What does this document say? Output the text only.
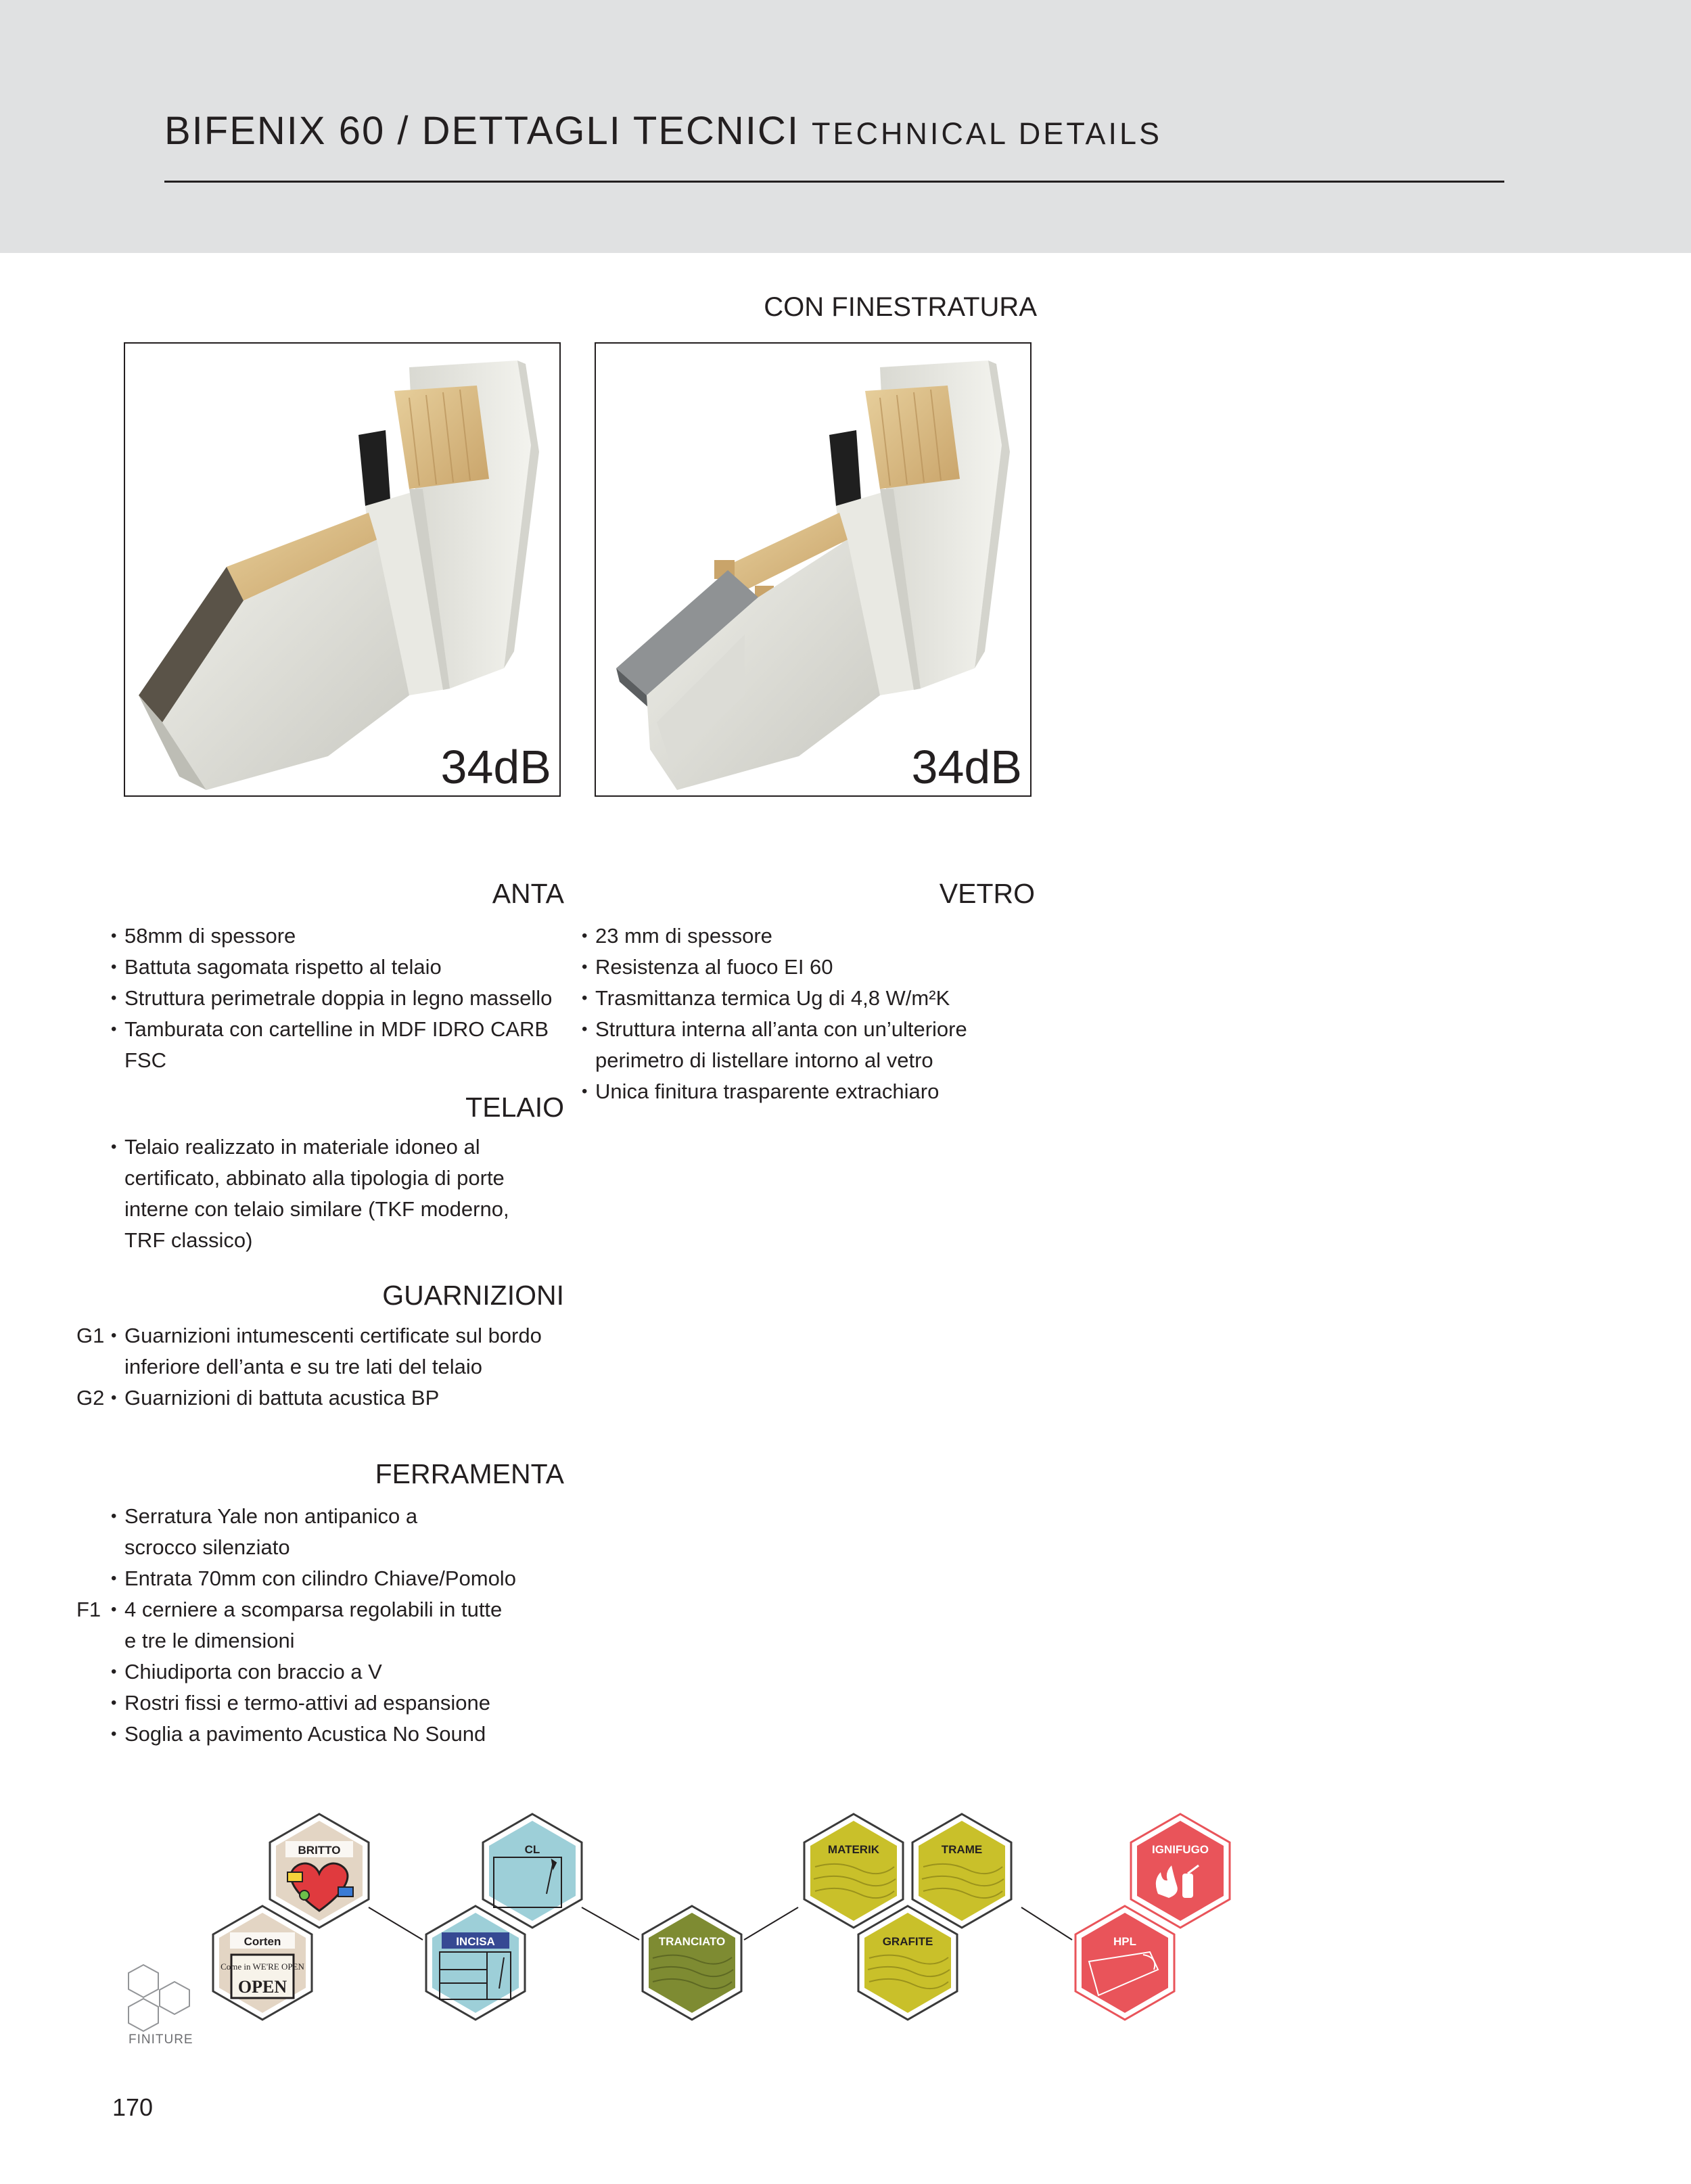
BIFENIX 60 / DETTAGLI TECNICI TECHNICAL DETAILS
CON FINESTRATURA
34dB	34dB
ANTA
• 58mm di spessore
• Battuta sagomata rispetto al telaio
• Struttura perimetrale doppia in legno massello
• Tamburata con cartelline in MDF IDRO CARB FSC
VETRO
• 23 mm di spessore
• Resistenza al fuoco EI 60
• Trasmittanza termica Ug di 4,8 W/m²K
• Struttura interna all’anta con un’ulteriore perimetro di listellare intorno al vetro
• Unica finitura trasparente extrachiaro
TELAIO
• Telaio realizzato in materiale idoneo al certificato, abbinato alla tipologia di porte interne con telaio similare (TKF moderno, TRF classico)
GUARNIZIONI
G1
G2
• Guarnizioni intumescenti certificate sul bordo inferiore dell’anta e su tre lati del telaio
• Guarnizioni di battuta acustica BP
FERRAMENTA
F1
• Serratura Yale non antipanico a scrocco silenziato
• Entrata 70mm con cilindro Chiave/Pomolo
• 4 cerniere a scomparsa regolabili in tutte e tre le dimensioni
• Chiudiporta con braccio a V
• Rostri fissi e termo-attivi ad espansione
• Soglia a pavimento Acustica No Sound
BRITTO
Corten
Come in WE'RE OPEN
OPEN
CL
INCISA	TRANCIATO
MATERIK	TRAME
GRAFITE
IGNIFUGO
HPL
FINITURE
170
